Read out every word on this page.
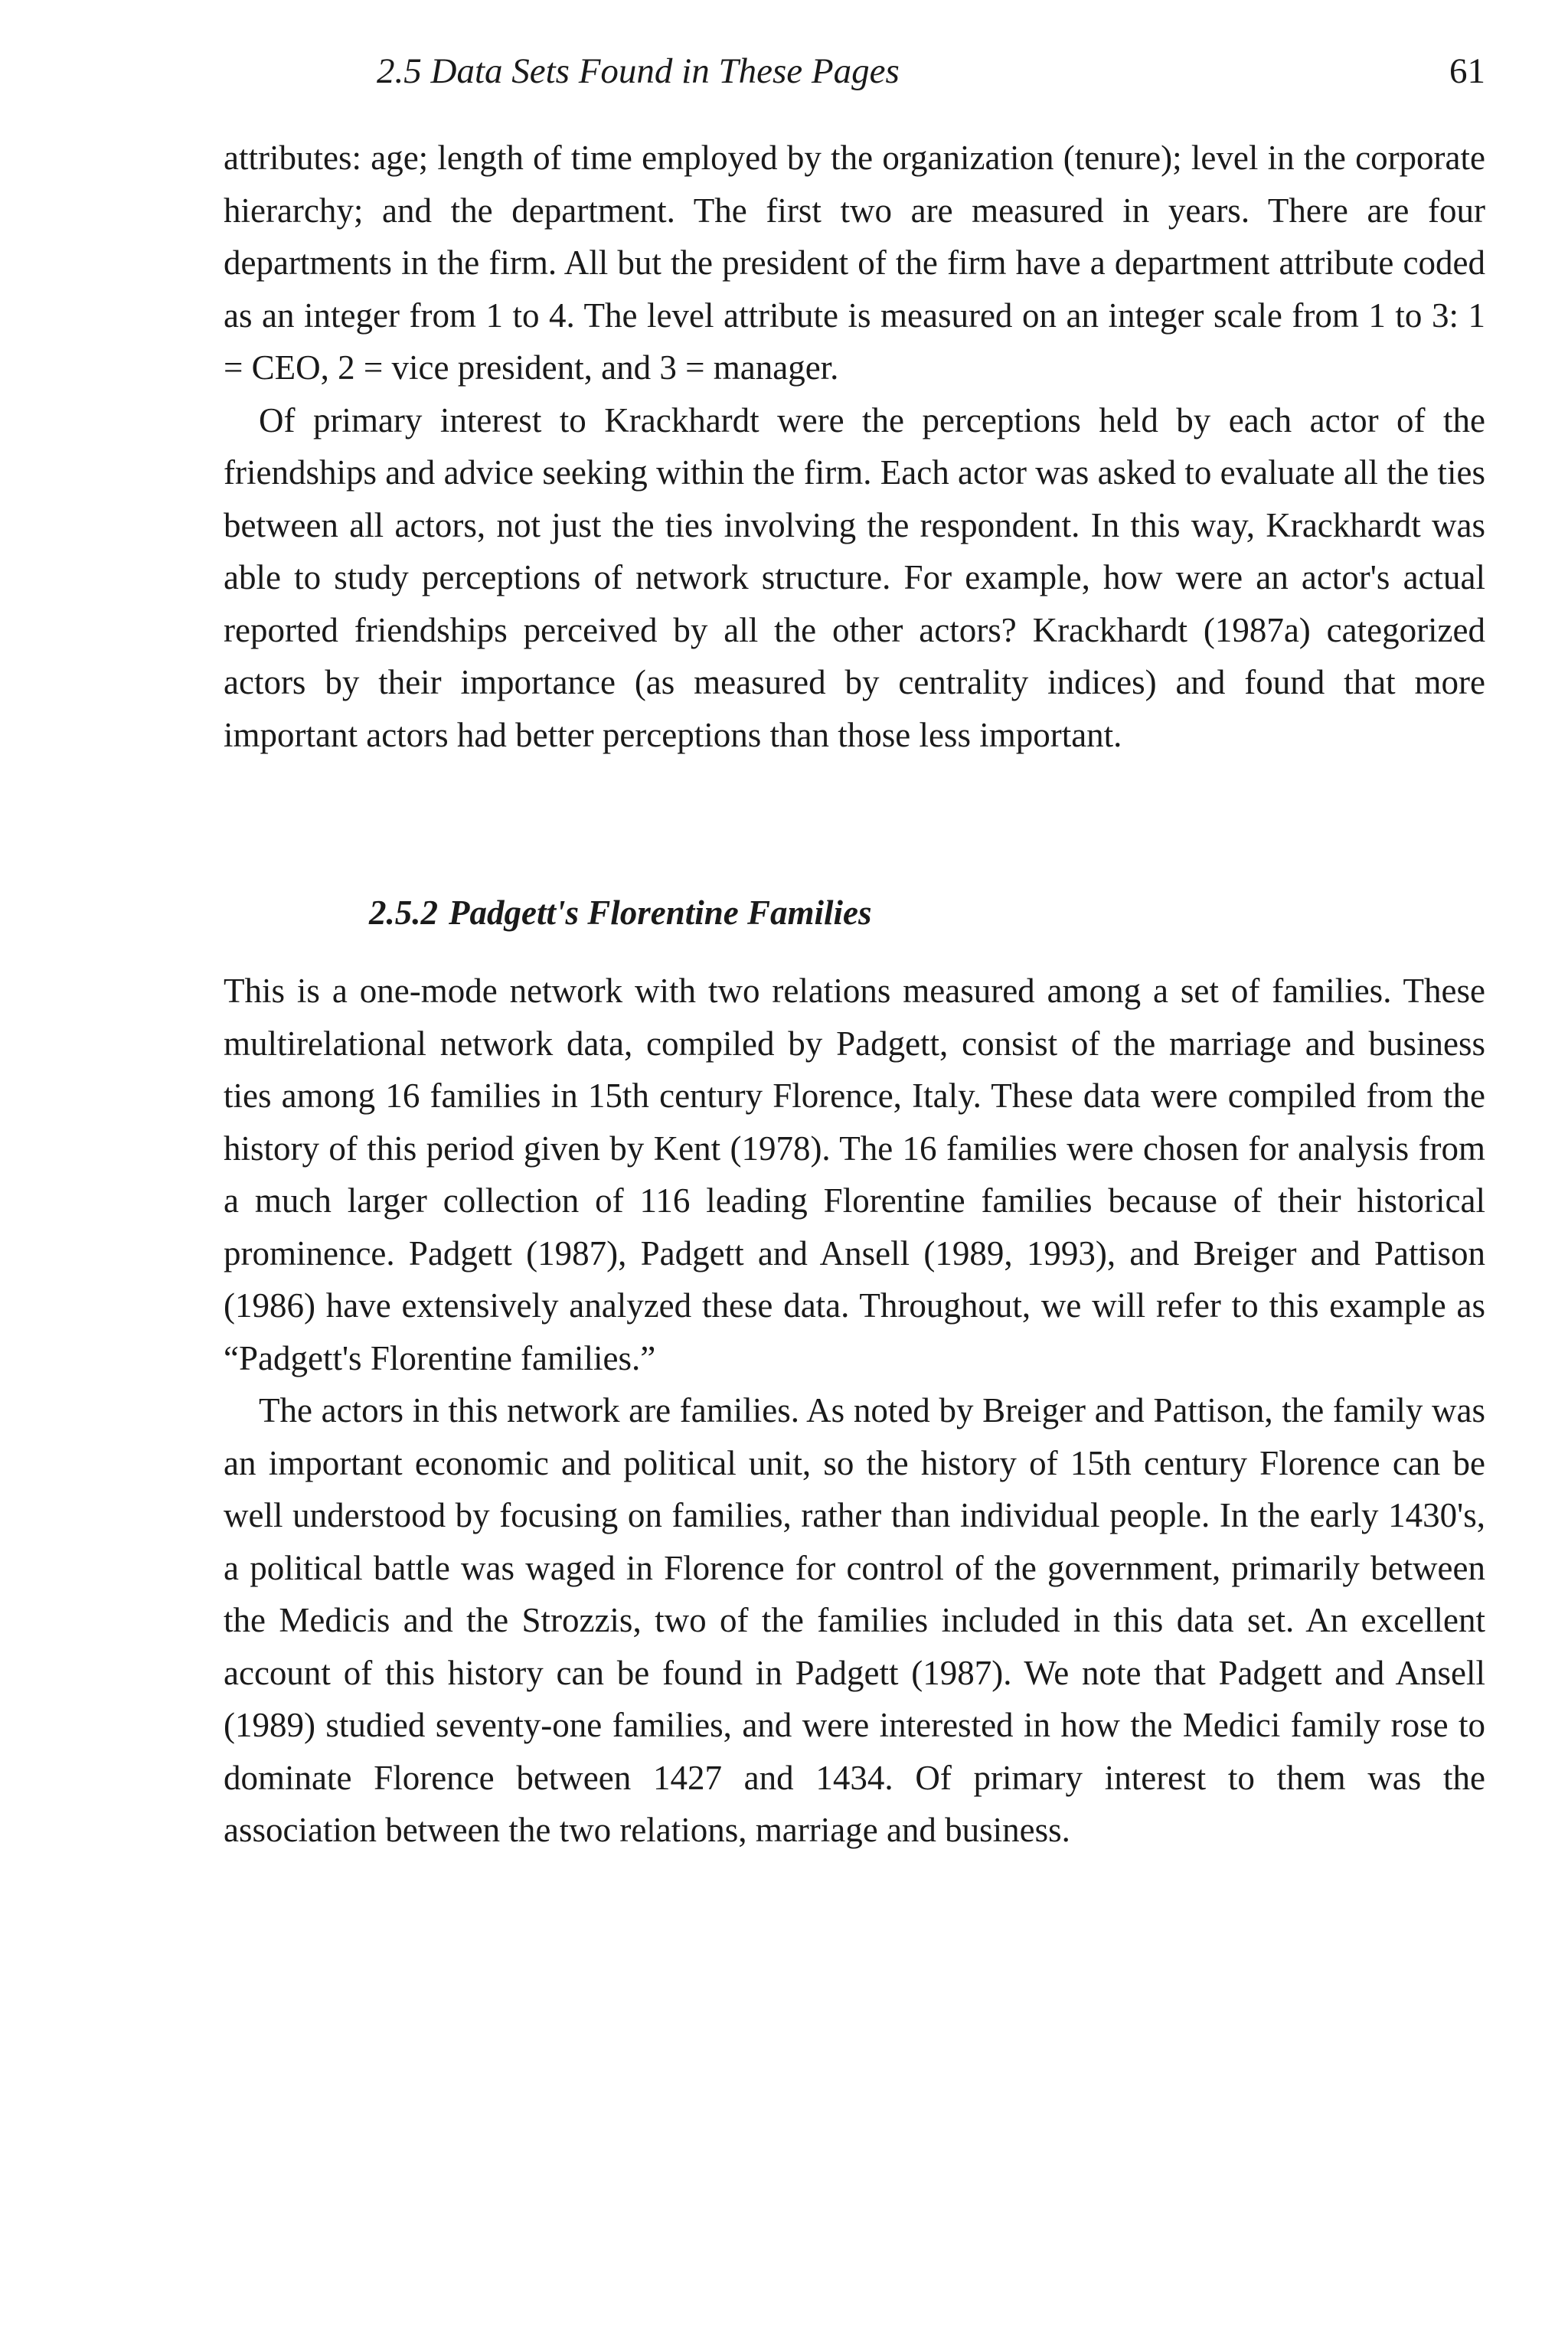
2.5 Data Sets Found in These Pages	61

attributes: age; length of time employed by the organization (tenure); level in the corporate hierarchy; and the department. The first two are measured in years. There are four departments in the firm. All but the president of the firm have a department attribute coded as an integer from 1 to 4. The level attribute is measured on an integer scale from 1 to 3: 1 = CEO, 2 = vice president, and 3 = manager.

Of primary interest to Krackhardt were the perceptions held by each actor of the friendships and advice seeking within the firm. Each actor was asked to evaluate all the ties between all actors, not just the ties involving the respondent. In this way, Krackhardt was able to study perceptions of network structure. For example, how were an actor's actual reported friendships perceived by all the other actors? Krackhardt (1987a) categorized actors by their importance (as measured by centrality indices) and found that more important actors had better perceptions than those less important.

2.5.2 Padgett's Florentine Families

This is a one-mode network with two relations measured among a set of families. These multirelational network data, compiled by Padgett, consist of the marriage and business ties among 16 families in 15th century Florence, Italy. These data were compiled from the history of this period given by Kent (1978). The 16 families were chosen for analysis from a much larger collection of 116 leading Florentine families because of their historical prominence. Padgett (1987), Padgett and Ansell (1989, 1993), and Breiger and Pattison (1986) have extensively analyzed these data. Throughout, we will refer to this example as “Padgett's Florentine families.”

The actors in this network are families. As noted by Breiger and Pattison, the family was an important economic and political unit, so the history of 15th century Florence can be well understood by focusing on families, rather than individual people. In the early 1430's, a political battle was waged in Florence for control of the government, primarily between the Medicis and the Strozzis, two of the families included in this data set. An excellent account of this history can be found in Padgett (1987). We note that Padgett and Ansell (1989) studied seventy-one families, and were interested in how the Medici family rose to dominate Florence between 1427 and 1434. Of primary interest to them was the association between the two relations, marriage and business.
